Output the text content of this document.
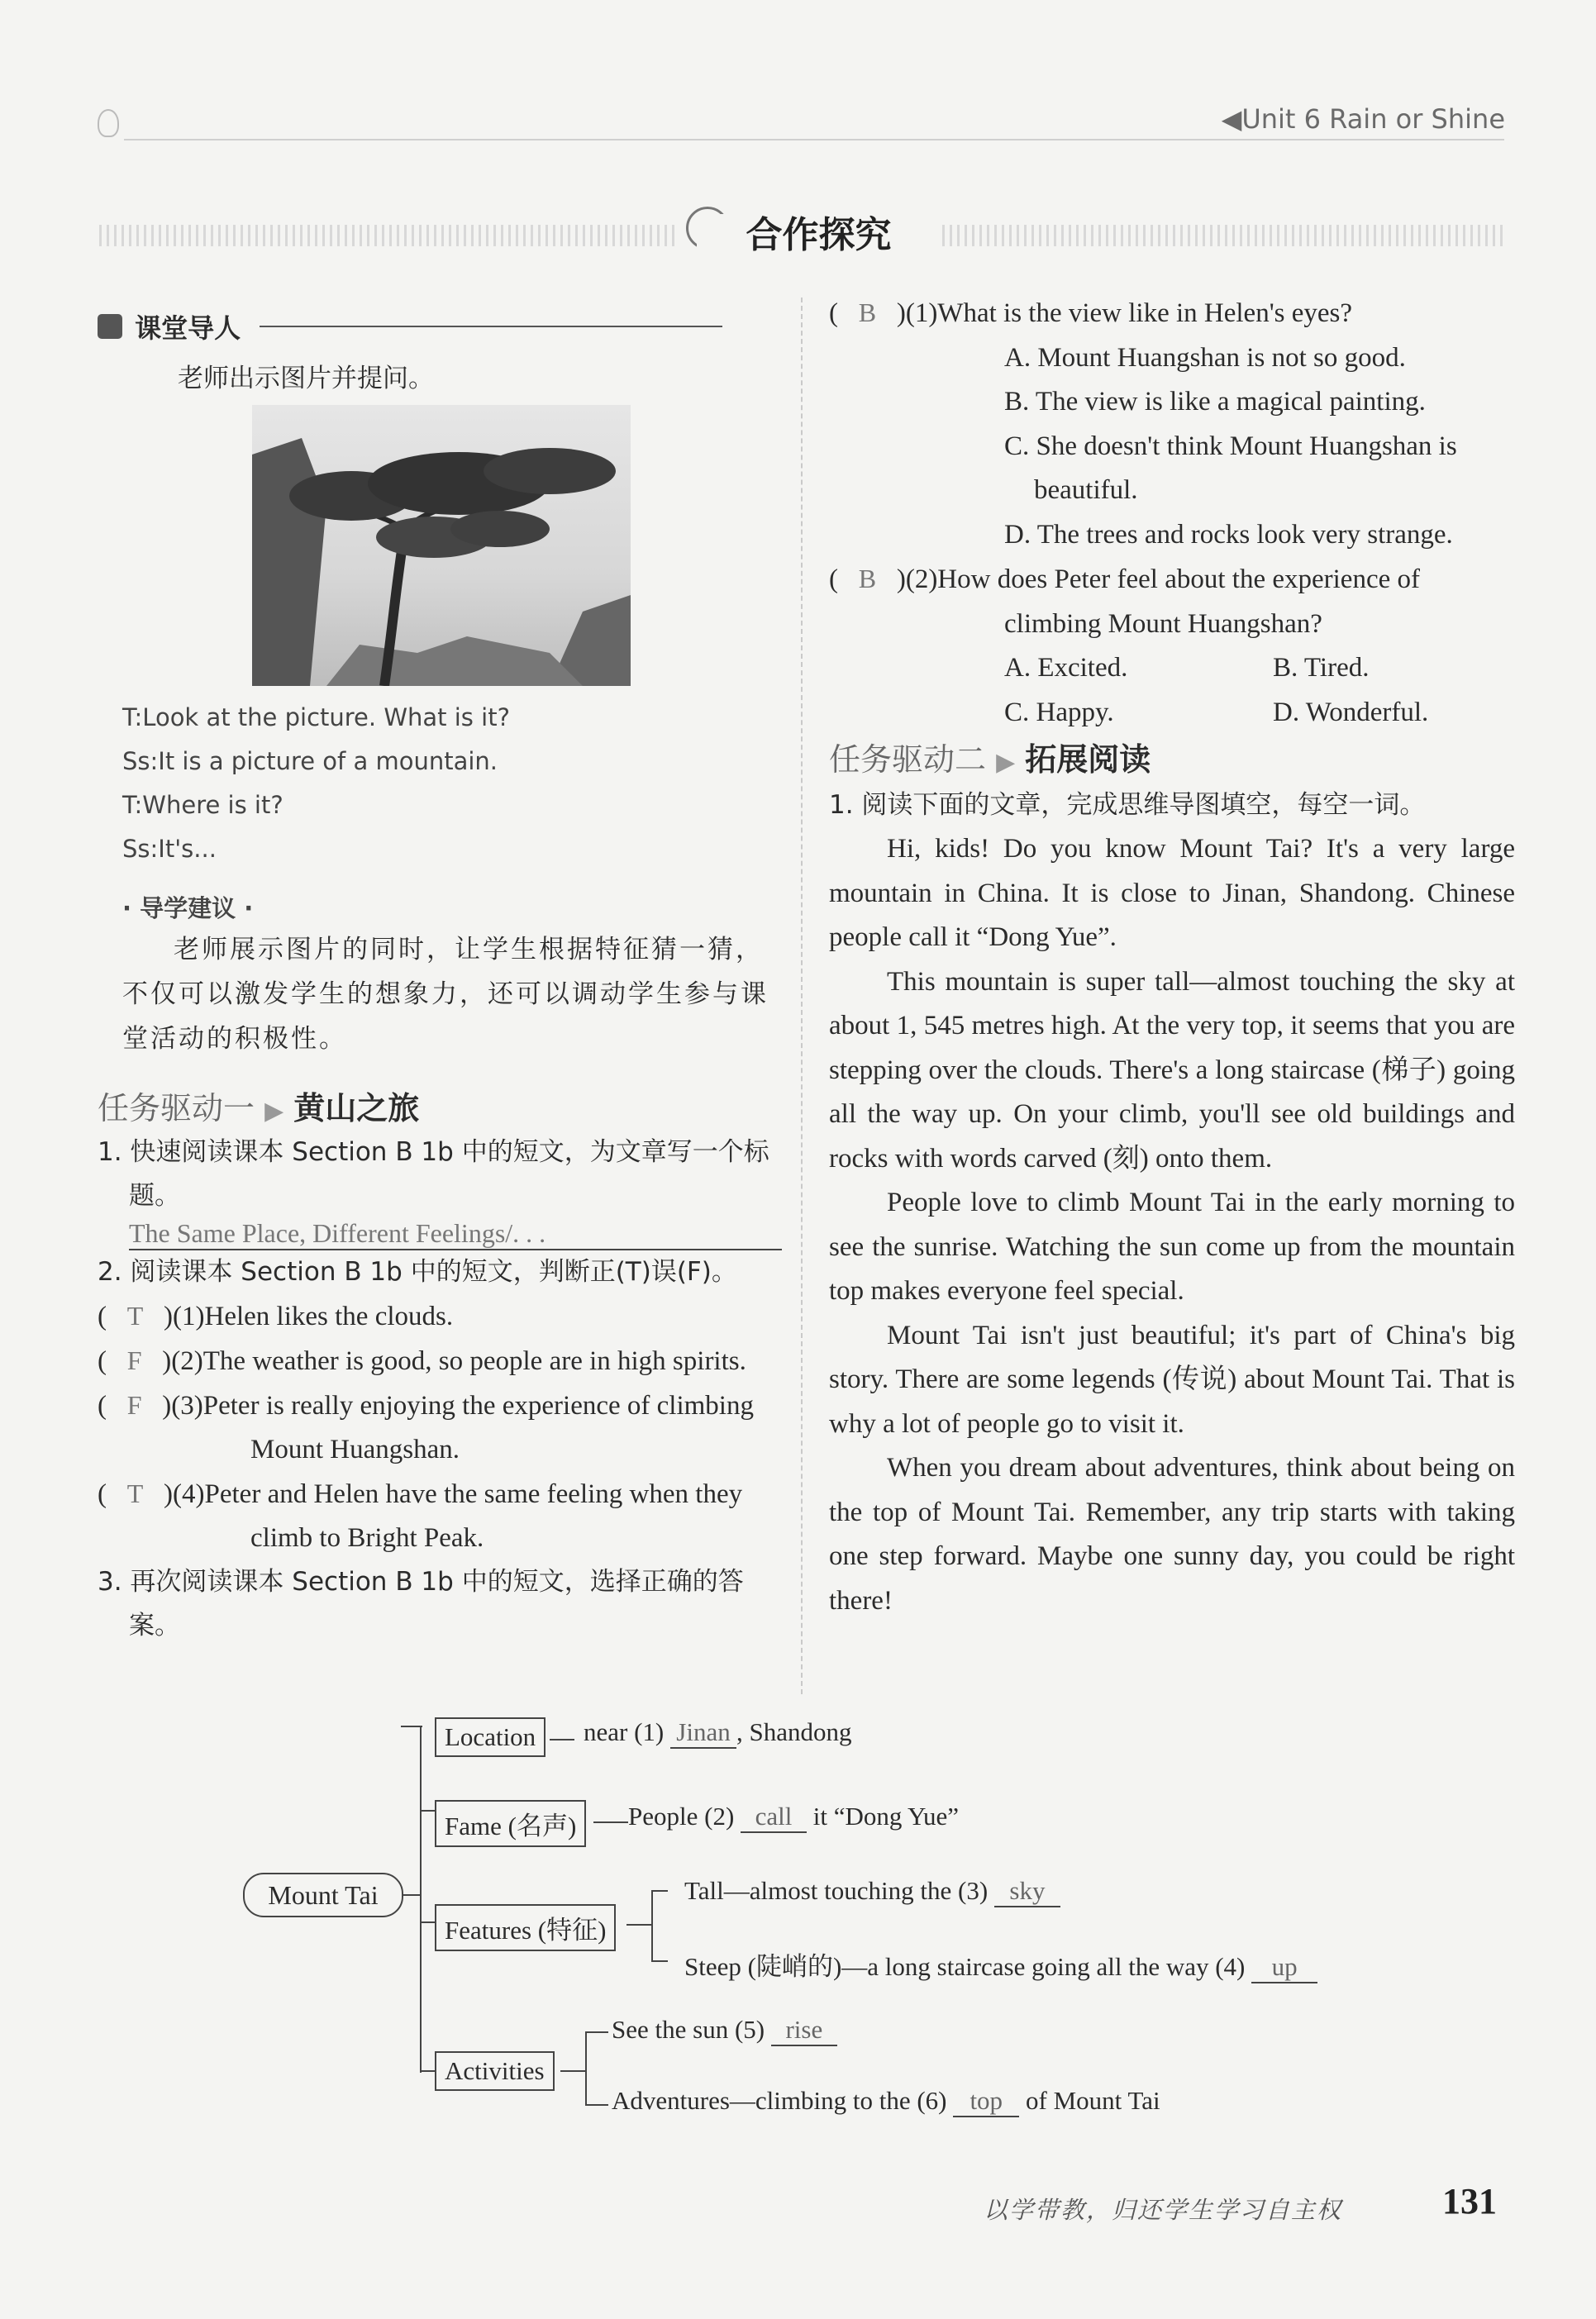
◀Unit 6 Rain or Shine
合作探究
课堂导人
老师出示图片并提问。
T:Look at the picture. What is it?
Ss:It is a picture of a mountain.
T:Where is it?
Ss:It's...
· 导学建议 ·
老师展示图片的同时，让学生根据特征猜一猜，不仅可以激发学生的想象力，还可以调动学生参与课堂活动的积极性。
任务驱动一 ▶ 黄山之旅
1. 快速阅读课本 Section B 1b 中的短文，为文章写一个标题。
The Same Place, Different Feelings/. . .
2. 阅读课本 Section B 1b 中的短文，判断正(T)误(F)。
(   T )(1)Helen likes the clouds.
(   F )(2)The weather is good, so people are in high spirits.
(   F )(3)Peter is really enjoying the experience of climbing Mount Huangshan.
(   T )(4)Peter and Helen have the same feeling when they climb to Bright Peak.
3. 再次阅读课本 Section B 1b 中的短文，选择正确的答案。
(   B )(1)What is the view like in Helen's eyes?
A. Mount Huangshan is not so good.
B. The view is like a magical painting.
C. She doesn't think Mount Huangshan is beautiful.
D. The trees and rocks look very strange.
(   B )(2)How does Peter feel about the experience of climbing Mount Huangshan?
A. Excited.	B. Tired.
C. Happy.	D. Wonderful.
任务驱动二 ▶ 拓展阅读
1. 阅读下面的文章，完成思维导图填空，每空一词。
Hi, kids! Do you know Mount Tai? It's a very large mountain in China. It is close to Jinan, Shandong. Chinese people call it “Dong Yue”.
This mountain is super tall—almost touching the sky at about 1, 545 metres high. At the very top, it seems that you are stepping over the clouds. There's a long staircase (梯子) going all the way up. On your climb, you'll see old buildings and rocks with words carved (刻) onto them.
People love to climb Mount Tai in the early morning to see the sunrise. Watching the sun come up from the mountain top makes everyone feel special.
Mount Tai isn't just beautiful; it's part of China's big story. There are some legends (传说) about Mount Tai. That is why a lot of people go to visit it.
When you dream about adventures, think about being on the top of Mount Tai. Remember, any trip starts with taking one step forward. Maybe one sunny day, you could be right there!
Mount Tai
Location	near (1) Jinan , Shandong
Fame (名声)	People (2) call it “Dong Yue”
Features (特征)
Tall—almost touching the (3) sky
Steep (陡峭的)—a long staircase going all the way (4) up
Activities
See the sun (5) rise
Adventures—climbing to the (6) top of Mount Tai
以学带教，归还学生学习自主权	131
